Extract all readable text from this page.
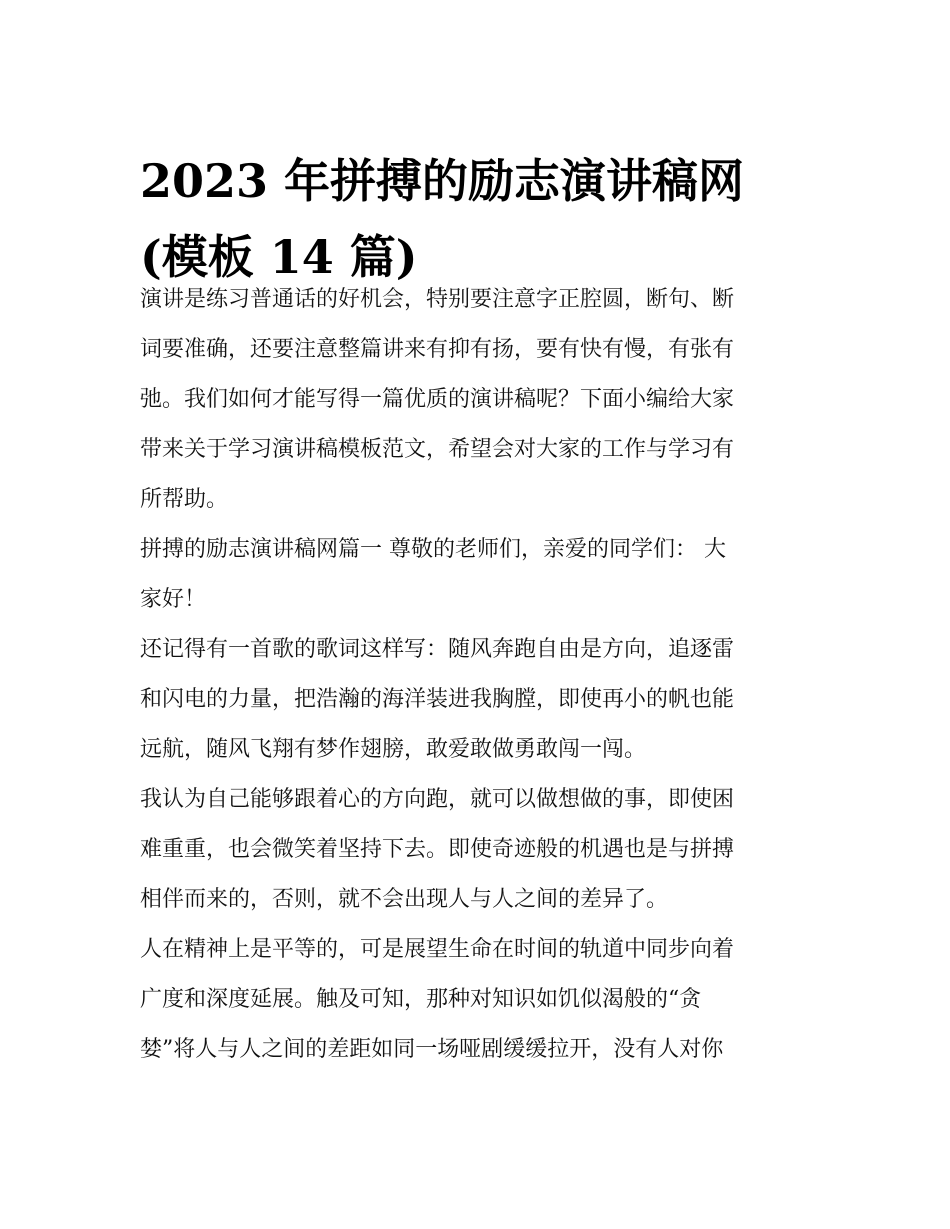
2023 年拼搏的励志演讲稿网
(模板 14 篇)

演讲是练习普通话的好机会，特别要注意字正腔圆，断句、断
词要准确，还要注意整篇讲来有抑有扬，要有快有慢，有张有
弛。我们如何才能写得一篇优质的演讲稿呢？下面小编给大家
带来关于学习演讲稿模板范文，希望会对大家的工作与学习有
所帮助。

拼搏的励志演讲稿网篇一 尊敬的老师们，亲爱的同学们： 大
家好！

还记得有一首歌的歌词这样写：随风奔跑自由是方向，追逐雷
和闪电的力量，把浩瀚的海洋装进我胸膛，即使再小的帆也能
远航，随风飞翔有梦作翅膀，敢爱敢做勇敢闯一闯。

我认为自己能够跟着心的方向跑，就可以做想做的事，即使困
难重重，也会微笑着坚持下去。即使奇迹般的机遇也是与拼搏
相伴而来的，否则，就不会出现人与人之间的差异了。

人在精神上是平等的，可是展望生命在时间的轨道中同步向着
广度和深度延展。触及可知，那种对知识如饥似渴般的“贪
婪”将人与人之间的差距如同一场哑剧缓缓拉开，没有人对你
